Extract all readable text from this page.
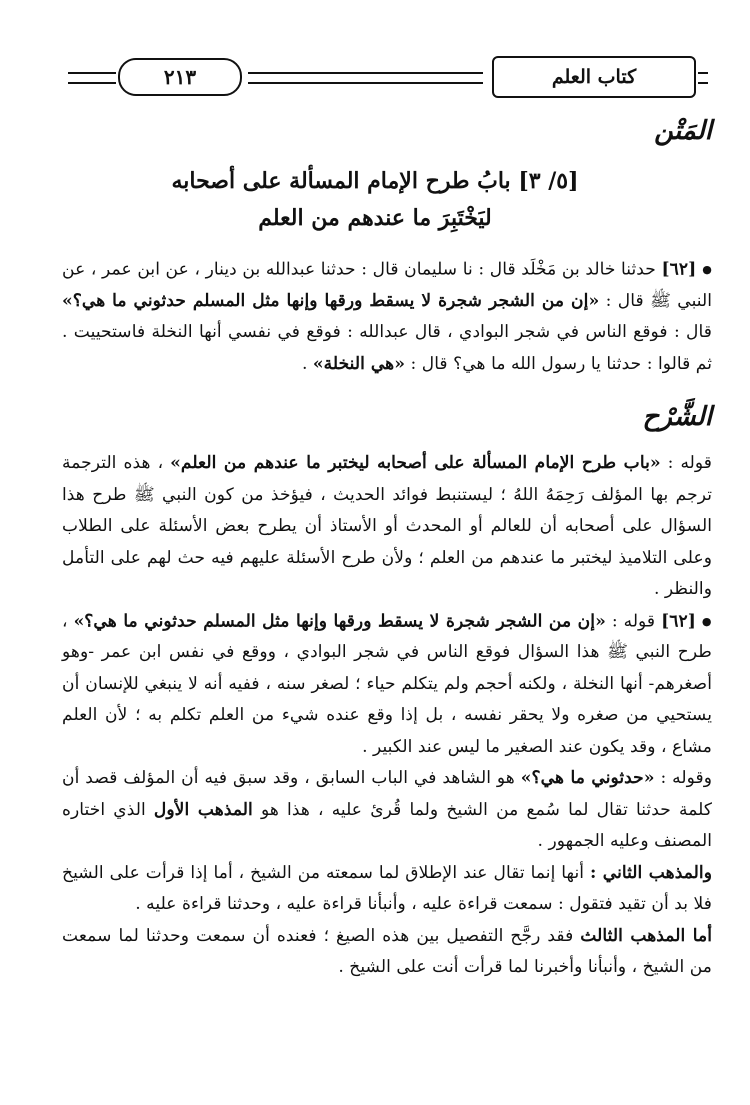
كتاب العلم
٢١٣
المَتْن
[٥/ ٣] بابُ طرح الإمام المسألة على أصحابه
ليَخْتَبِرَ ما عندهم من العلم

● [٦٢] حدثنا خالد بن مَخْلَد قال : نا سليمان قال : حدثنا عبدالله بن دينار ، عن ابن عمر ، عن النبي ﷺ قال : «إن من الشجر شجرة لا يسقط ورقها وإنها مثل المسلم حدثوني ما هي؟» قال : فوقع الناس في شجر البوادي ، قال عبدالله : فوقع في نفسي أنها النخلة فاستحييت . ثم قالوا : حدثنا يا رسول الله ما هي؟ قال : «هي النخلة» .

الشَّرْح

قوله : «باب طرح الإمام المسألة على أصحابه ليختبر ما عندهم من العلم» ، هذه الترجمة ترجم بها المؤلف رَحِمَهُ اللهُ ؛ ليستنبط فوائد الحديث ، فيؤخذ من كون النبي ﷺ طرح هذا السؤال على أصحابه أن للعالم أو المحدث أو الأستاذ أن يطرح بعض الأسئلة على الطلاب وعلى التلاميذ ليختبر ما عندهم من العلم ؛ ولأن طرح الأسئلة عليهم فيه حث لهم على التأمل والنظر .

● [٦٢] قوله : «إن من الشجر شجرة لا يسقط ورقها وإنها مثل المسلم حدثوني ما هي؟» ، طرح النبي ﷺ هذا السؤال فوقع الناس في شجر البوادي ، ووقع في نفس ابن عمر -وهو أصغرهم- أنها النخلة ، ولكنه أحجم ولم يتكلم حياء ؛ لصغر سنه ، ففيه أنه لا ينبغي للإنسان أن يستحيي من صغره ولا يحقر نفسه ، بل إذا وقع عنده شيء من العلم تكلم به ؛ لأن العلم مشاع ، وقد يكون عند الصغير ما ليس عند الكبير .

وقوله : «حدثوني ما هي؟» هو الشاهد في الباب السابق ، وقد سبق فيه أن المؤلف قصد أن كلمة حدثنا تقال لما سُمع من الشيخ ولما قُرئ عليه ، هذا هو المذهب الأول الذي اختاره المصنف وعليه الجمهور .

والمذهب الثاني : أنها إنما تقال عند الإطلاق لما سمعته من الشيخ ، أما إذا قرأت على الشيخ فلا بد أن تقيد فتقول : سمعت قراءة عليه ، وأنبأنا قراءة عليه ، وحدثنا قراءة عليه .

أما المذهب الثالث فقد رجَّح التفصيل بين هذه الصيغ ؛ فعنده أن سمعت وحدثنا لما سمعت من الشيخ ، وأنبأنا وأخبرنا لما قرأت أنت على الشيخ .
